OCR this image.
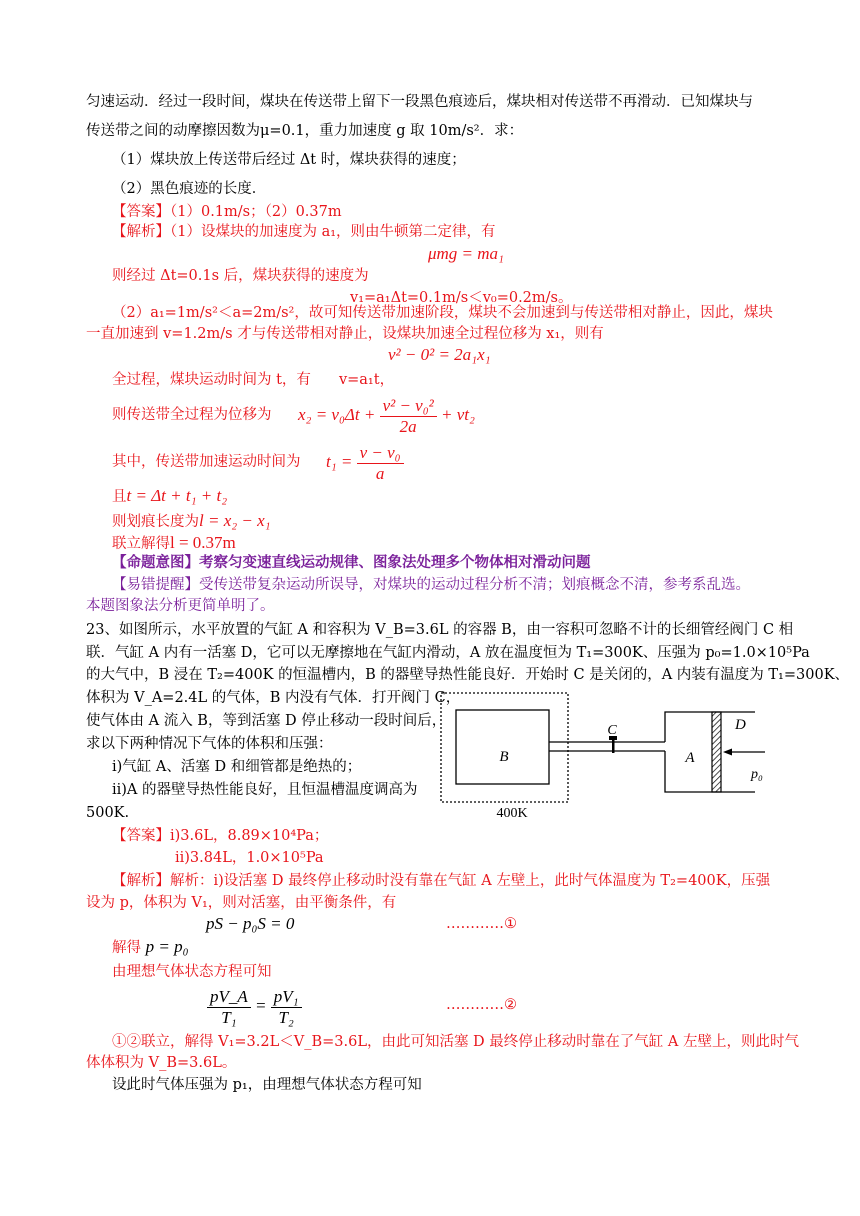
匀速运动．经过一段时间，煤块在传送带上留下一段黑色痕迹后，煤块相对传送带不再滑动．已知煤块与
传送带之间的动摩擦因数为μ=0.1，重力加速度 g 取 10m/s²．求：
（1）煤块放上传送带后经过 Δt 时，煤块获得的速度；
（2）黑色痕迹的长度．
【答案】（1）0.1m/s；（2）0.37m
【解析】（1）设煤块的加速度为 a₁，则由牛顿第二定律，有
μmg = ma₁
则经过 Δt=0.1s 后，煤块获得的速度为
v₁=a₁Δt=0.1m/s＜v₀=0.2m/s。
（2）a₁=1m/s²＜a=2m/s²，故可知传送带加速阶段，煤块不会加速到与传送带相对静止，因此，煤块
一直加速到 v=1.2m/s 才与传送带相对静止，设煤块加速全过程位移为 x₁，则有
v² − 0² = 2a₁x₁
全过程，煤块运动时间为 t，有 v=a₁t，
则传送带全过程为位移为 $x_2 = v_0\Delta t + \frac{\text{v² − v₀²}}{2a} + vt_2$
其中，传送带加速运动时间为 $t_1 = \frac{\text{v − v₀}}{a}$
且t = Δt + t₁ + t₂
则划痕长度为l = x₂ − x₁
联立解得l = 0.37m
【命题意图】考察匀变速直线运动规律、图象法处理多个物体相对滑动问题
【易错提醒】受传送带复杂运动所误导，对煤块的运动过程分析不清；划痕概念不清，参考系乱选。
本题图象法分析更简单明了。
23、如图所示，水平放置的气缸 A 和容积为 V_B=3.6L 的容器 B，由一容积可忽略不计的长细管经阀门 C 相
联．气缸 A 内有一活塞 D，它可以无摩擦地在气缸内滑动，A 放在温度恒为 T₁=300K、压强为 p₀=1.0×10⁵Pa
的大气中，B 浸在 T₂=400K 的恒温槽内，B 的器壁导热性能良好．开始时 C 是关闭的，A 内装有温度为 T₁=300K、
体积为 V_A=2.4L 的气体，B 内没有气体．打开阀门 C，
使气体由 A 流入 B，等到活塞 D 停止移动一段时间后，
求以下两种情况下气体的体积和压强：
i)气缸 A、活塞 D 和细管都是绝热的；
ii)A 的器壁导热性能良好，且恒温槽温度调高为
500K.
B
C
A
D
p₀
400K
【答案】i)3.6L，8.89×10⁴Pa；
ii)3.84L，1.0×10⁵Pa
【解析】解析：i)设活塞 D 最终停止移动时没有靠在气缸 A 左壁上，此时气体温度为 T₂=400K，压强
设为 p，体积为 V₁，则对活塞，由平衡条件，有
pS − p₀S = 0	…………①
解得 p = p₀
由理想气体状态方程可知
$\frac{pV\_A}{\text{T₁}} = \frac{\text{pV₁}}{\text{T₂}}$	…………②
①②联立，解得 V₁=3.2L＜V_B=3.6L，由此可知活塞 D 最终停止移动时靠在了气缸 A 左壁上，则此时气
体体积为 V_B=3.6L。
设此时气体压强为 p₁，由理想气体状态方程可知
